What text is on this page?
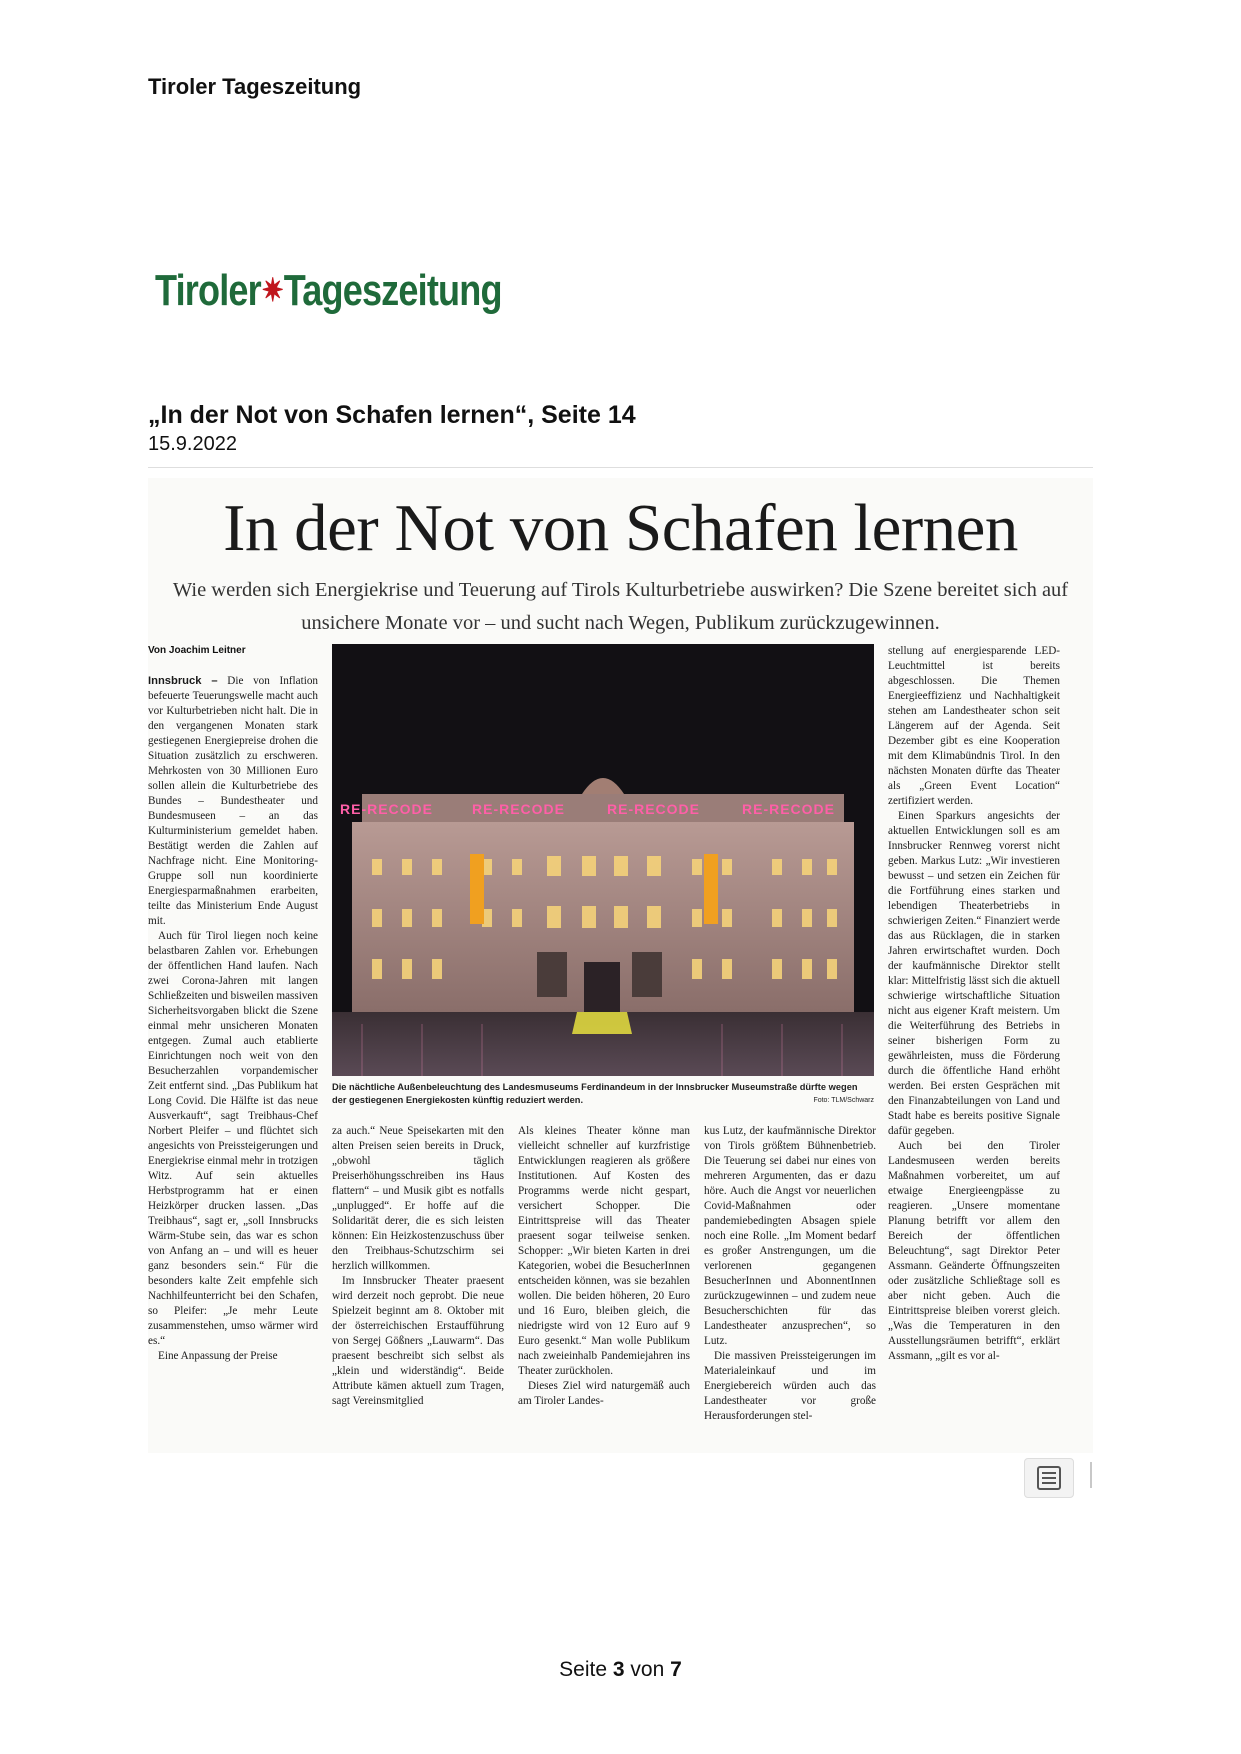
Tiroler Tageszeitung
Tiroler✷Tageszeitung
„In der Not von Schafen lernen“, Seite 14
15.9.2022
In der Not von Schafen lernen
Wie werden sich Energiekrise und Teuerung auf Tirols Kulturbetriebe auswirken? Die Szene bereitet sich auf unsichere Monate vor – und sucht nach Wegen, Publikum zurückzugewinnen.
Von Joachim Leitner

Innsbruck – Die von Inflation befeuerte Teuerungswelle macht auch vor Kulturbetrieben nicht halt. Die in den vergangenen Monaten stark gestiegenen Energiepreise drohen die Situation zusätzlich zu erschweren. Mehrkosten von 30 Millionen Euro sollen allein die Kulturbetriebe des Bundes – Bundestheater und Bundesmuseen – an das Kulturministerium gemeldet haben. Bestätigt werden die Zahlen auf Nachfrage nicht. Eine Monitoring-Gruppe soll nun koordinierte Energiesparmaßnahmen erarbeiten, teilte das Ministerium Ende August mit.

Auch für Tirol liegen noch keine belastbaren Zahlen vor. Erhebungen der öffentlichen Hand laufen. Nach zwei Corona-Jahren mit langen Schließzeiten und bisweilen massiven Sicherheitsvorgaben blickt die Szene einmal mehr unsicheren Monaten entgegen. Zumal auch etablierte Einrichtungen noch weit von den Besucherzahlen vorpandemischer Zeit entfernt sind. „Das Publikum hat Long Covid. Die Hälfte ist das neue Ausverkauft“, sagt Treibhaus-Chef Norbert Pleifer – und flüchtet sich angesichts von Preissteigerungen und Energiekrise einmal mehr in trotzigen Witz. Auf sein aktuelles Herbstprogramm hat er einen Heizkörper drucken lassen. „Das Treibhaus“, sagt er, „soll Innsbrucks Wärm-Stube sein, das war es schon von Anfang an – und will es heuer ganz besonders sein.“ Für die besonders kalte Zeit empfehle sich Nachhilfeunterricht bei den Schafen, so Pleifer: „Je mehr Leute zusammenstehen, umso wärmer wird es.“

Eine Anpassung der Preise

RE-RECODE	RE-RECODE	RE-RECODE	RE-RECODE
Die nächtliche Außenbeleuchtung des Landesmuseums Ferdinandeum in der Innsbrucker Museumstraße dürfte wegen der gestiegenen Energiekosten künftig reduziert werden.	Foto: TLM/Schwarz

za auch.“ Neue Speisekarten mit den alten Preisen seien bereits in Druck, „obwohl täglich Preiserhöhungsschreiben ins Haus flattern“ – und Musik gibt es notfalls „unplugged“. Er hoffe auf die Solidarität derer, die es sich leisten können: Ein Heizkostenzuschuss über den Treibhaus-Schutzschirm sei herzlich willkommen.

Im Innsbrucker Theater praesent wird derzeit noch geprobt. Die neue Spielzeit beginnt am 8. Oktober mit der österreichischen Erstaufführung von Sergej Gößners „Lauwarm“. Das praesent beschreibt sich selbst als „klein und widerständig“. Beide Attribute kämen aktuell zum Tragen, sagt Vereinsmitglied

Als kleines Theater könne man vielleicht schneller auf kurzfristige Entwicklungen reagieren als größere Institutionen. Auf Kosten des Programms werde nicht gespart, versichert Schopper. Die Eintrittspreise will das Theater praesent sogar teilweise senken. Schopper: „Wir bieten Karten in drei Kategorien, wobei die BesucherInnen entscheiden können, was sie bezahlen wollen. Die beiden höheren, 20 Euro und 16 Euro, bleiben gleich, die niedrigste wird von 12 Euro auf 9 Euro gesenkt.“ Man wolle Publikum nach zweieinhalb Pandemiejahren ins Theater zurückholen.

Dieses Ziel wird naturgemäß auch am Tiroler Landes-

kus Lutz, der kaufmännische Direktor von Tirols größtem Bühnenbetrieb. Die Teuerung sei dabei nur eines von mehreren Argumenten, das er dazu höre. Auch die Angst vor neuerlichen Covid-Maßnahmen oder pandemiebedingten Absagen spiele noch eine Rolle. „Im Moment bedarf es großer Anstrengungen, um die verlorenen gegangenen BesucherInnen und AbonnentInnen zurückzugewinnen – und zudem neue Besucherschichten für das Landestheater anzusprechen“, so Lutz.

Die massiven Preissteigerungen im Materialeinkauf und im Energiebereich würden auch das Landestheater vor große Herausforderungen stel-

stellung auf energiesparende LED-Leuchtmittel ist bereits abgeschlossen. Die Themen Energieeffizienz und Nachhaltigkeit stehen am Landestheater schon seit Längerem auf der Agenda. Seit Dezember gibt es eine Kooperation mit dem Klimabündnis Tirol. In den nächsten Monaten dürfte das Theater als „Green Event Location“ zertifiziert werden.

Einen Sparkurs angesichts der aktuellen Entwicklungen soll es am Innsbrucker Rennweg vorerst nicht geben. Markus Lutz: „Wir investieren bewusst – und setzen ein Zeichen für die Fortführung eines starken und lebendigen Theaterbetriebs in schwierigen Zeiten.“ Finanziert werde das aus Rücklagen, die in starken Jahren erwirtschaftet wurden. Doch der kaufmännische Direktor stellt klar: Mittelfristig lässt sich die aktuell schwierige wirtschaftliche Situation nicht aus eigener Kraft meistern. Um die Weiterführung des Betriebs in seiner bisherigen Form zu gewährleisten, muss die Förderung durch die öffentliche Hand erhöht werden. Bei ersten Gesprächen mit den Finanzabteilungen von Land und Stadt habe es bereits positive Signale dafür gegeben.

Auch bei den Tiroler Landesmuseen werden bereits Maßnahmen vorbereitet, um auf etwaige Energieengpässe zu reagieren. „Unsere momentane Planung betrifft vor allem den Bereich der öffentlichen Beleuchtung“, sagt Direktor Peter Assmann. Geänderte Öffnungszeiten oder zusätzliche Schließtage soll es aber nicht geben. Auch die Eintrittspreise bleiben vorerst gleich. „Was die Temperaturen in den Ausstellungsräumen betrifft“, erklärt Assmann, „gilt es vor al-

Seite 3 von 7
